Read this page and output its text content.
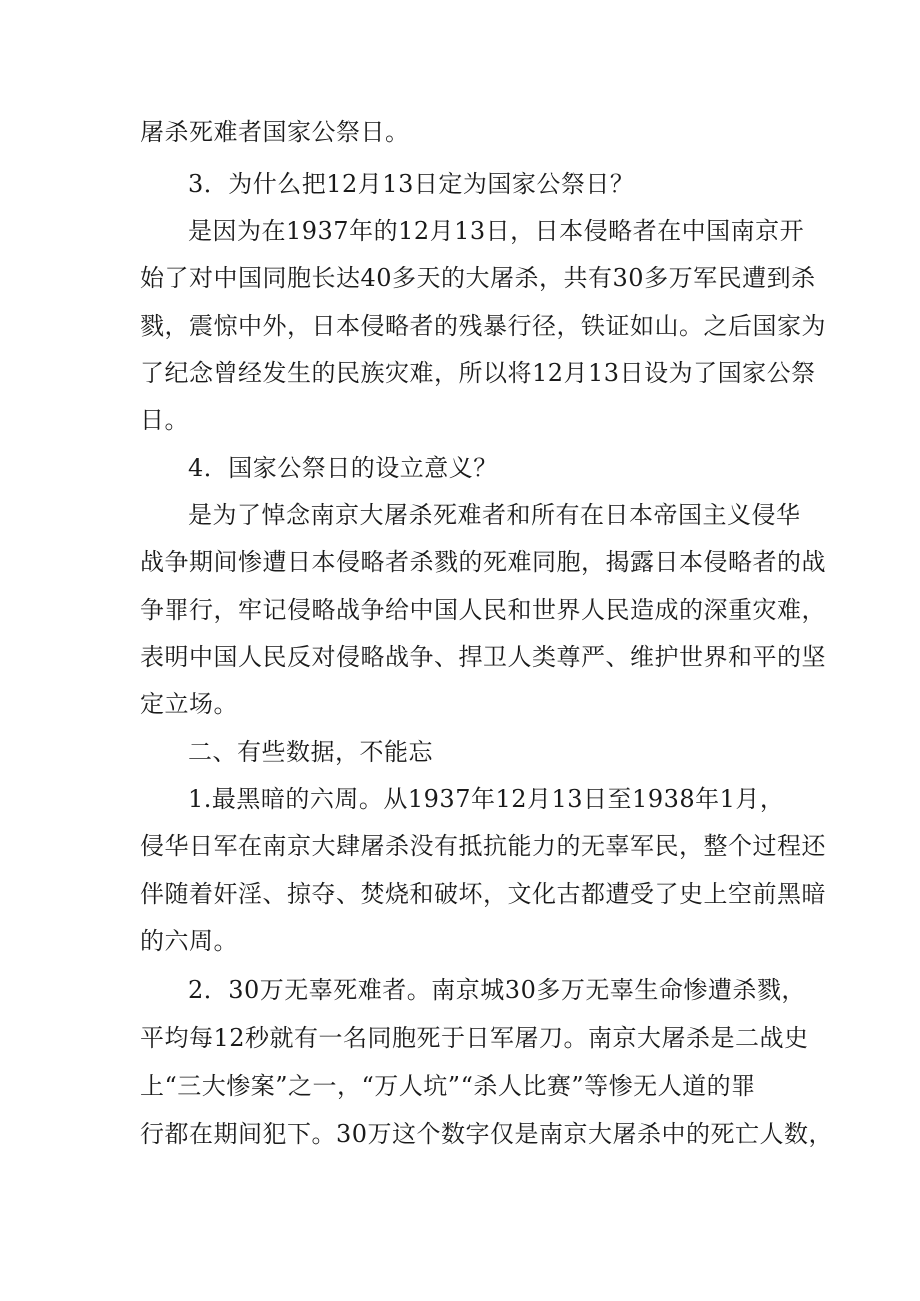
屠杀死难者国家公祭日。
3．为什么把12月13日定为国家公祭日？
是因为在1937年的12月13日，日本侵略者在中国南京开
始了对中国同胞长达40多天的大屠杀，共有30多万军民遭到杀
戮，震惊中外，日本侵略者的残暴行径，铁证如山。之后国家为
了纪念曾经发生的民族灾难，所以将12月13日设为了国家公祭
日。
4．国家公祭日的设立意义？
是为了悼念南京大屠杀死难者和所有在日本帝国主义侵华
战争期间惨遭日本侵略者杀戮的死难同胞，揭露日本侵略者的战
争罪行，牢记侵略战争给中国人民和世界人民造成的深重灾难，
表明中国人民反对侵略战争、捍卫人类尊严、维护世界和平的坚
定立场。
二、有些数据，不能忘
1.最黑暗的六周。从1937年12月13日至1938年1月，
侵华日军在南京大肆屠杀没有抵抗能力的无辜军民，整个过程还
伴随着奸淫、掠夺、焚烧和破坏，文化古都遭受了史上空前黑暗
的六周。
2．30万无辜死难者。南京城30多万无辜生命惨遭杀戮，
平均每12秒就有一名同胞死于日军屠刀。南京大屠杀是二战史
上“三大惨案”之一，“万人坑”“杀人比赛”等惨无人道的罪
行都在期间犯下。30万这个数字仅是南京大屠杀中的死亡人数，
